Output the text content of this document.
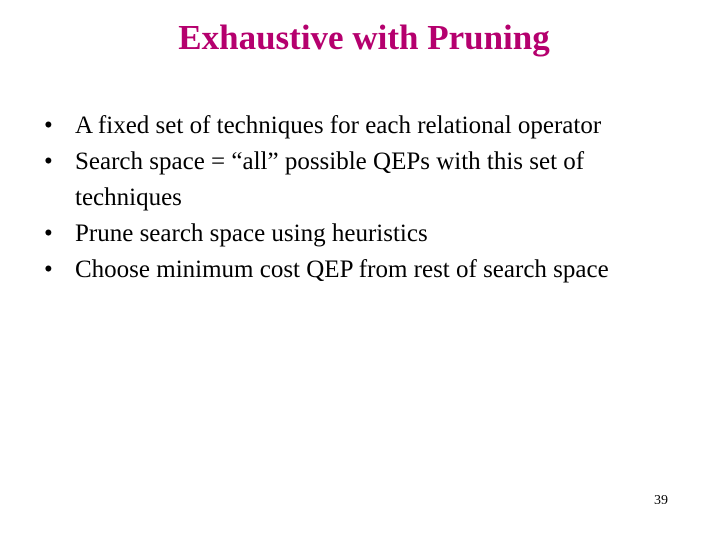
Exhaustive with Pruning
• A fixed set of techniques for each relational operator
• Search space = “all” possible QEPs with this set of techniques
• Prune search space using heuristics
• Choose minimum cost QEP from rest of search space
39
